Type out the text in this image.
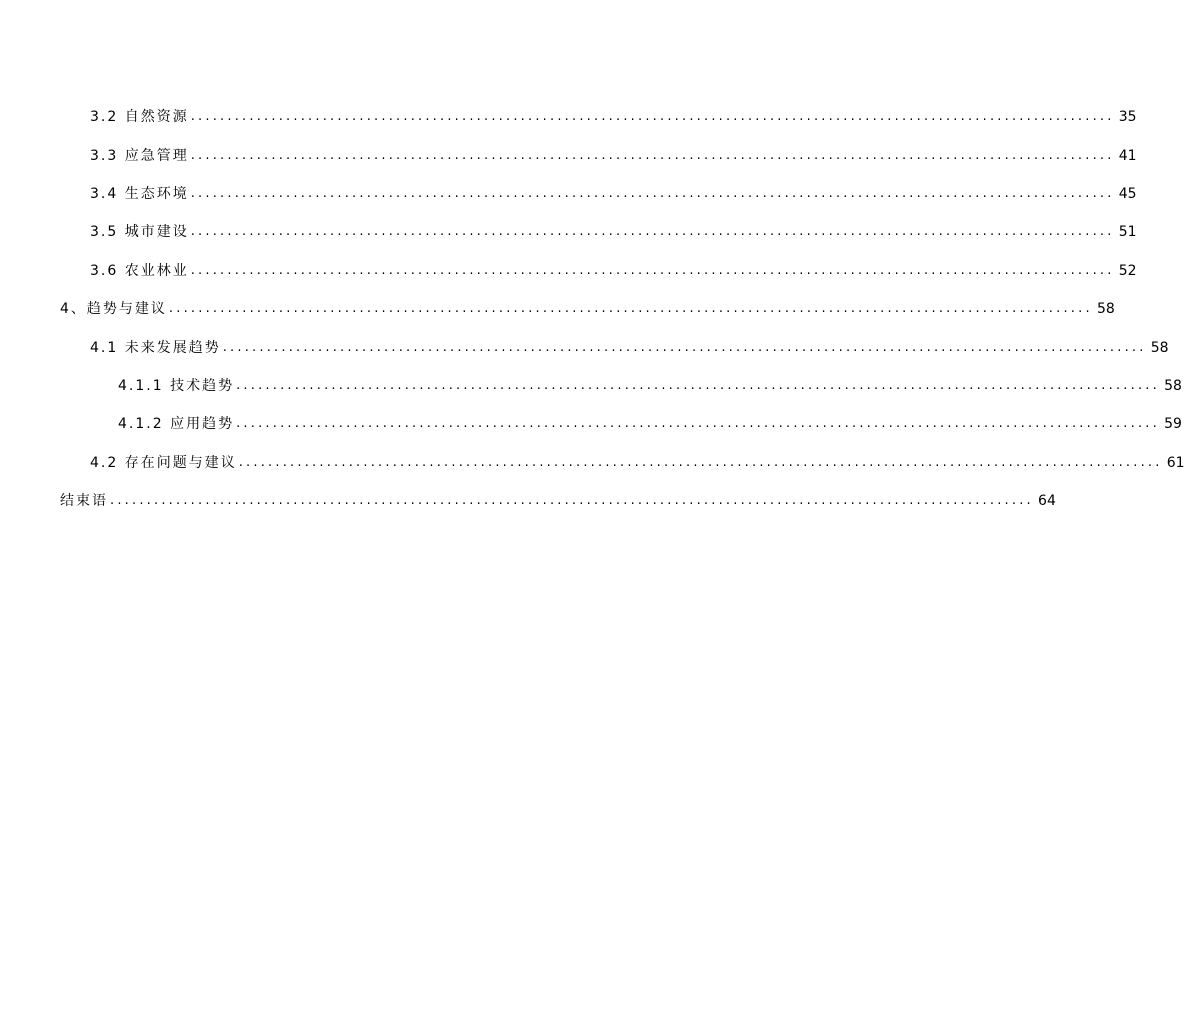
3.2 自然资源 .............................................................................................................................. 35
3.3 应急管理 .............................................................................................................................. 41
3.4 生态环境 .............................................................................................................................. 45
3.5 城市建设 .............................................................................................................................. 51
3.6 农业林业 .............................................................................................................................. 52
4、趋势与建议 .............................................................................................................................. 58
4.1 未来发展趋势 .............................................................................................................................. 58
4.1.1 技术趋势 .............................................................................................................................. 58
4.1.2 应用趋势 .............................................................................................................................. 59
4.2 存在问题与建议 .............................................................................................................................. 61
结束语 .............................................................................................................................. 64
